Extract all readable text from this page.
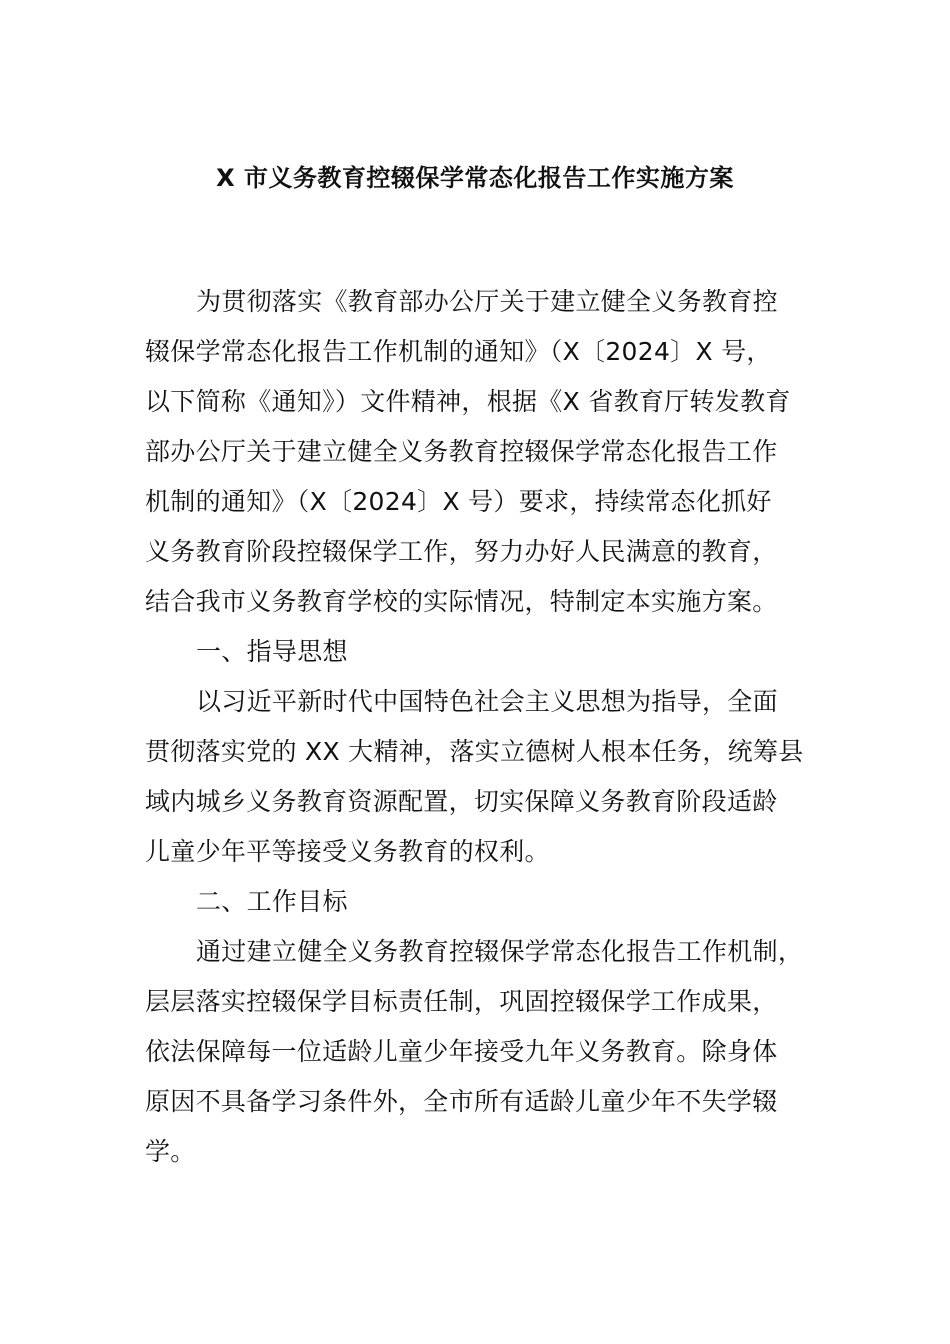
X 市义务教育控辍保学常态化报告工作实施方案
为贯彻落实《教育部办公厅关于建立健全义务教育控
辍保学常态化报告工作机制的通知》（X〔2024〕X 号，
以下简称《通知》）文件精神，根据《X 省教育厅转发教育
部办公厅关于建立健全义务教育控辍保学常态化报告工作
机制的通知》（X〔2024〕X 号）要求，持续常态化抓好
义务教育阶段控辍保学工作，努力办好人民满意的教育，
结合我市义务教育学校的实际情况，特制定本实施方案。
一、指导思想
以习近平新时代中国特色社会主义思想为指导，全面
贯彻落实党的 XX 大精神，落实立德树人根本任务，统筹县
域内城乡义务教育资源配置，切实保障义务教育阶段适龄
儿童少年平等接受义务教育的权利。
二、工作目标
通过建立健全义务教育控辍保学常态化报告工作机制，
层层落实控辍保学目标责任制，巩固控辍保学工作成果，
依法保障每一位适龄儿童少年接受九年义务教育。除身体
原因不具备学习条件外，全市所有适龄儿童少年不失学辍
学。
